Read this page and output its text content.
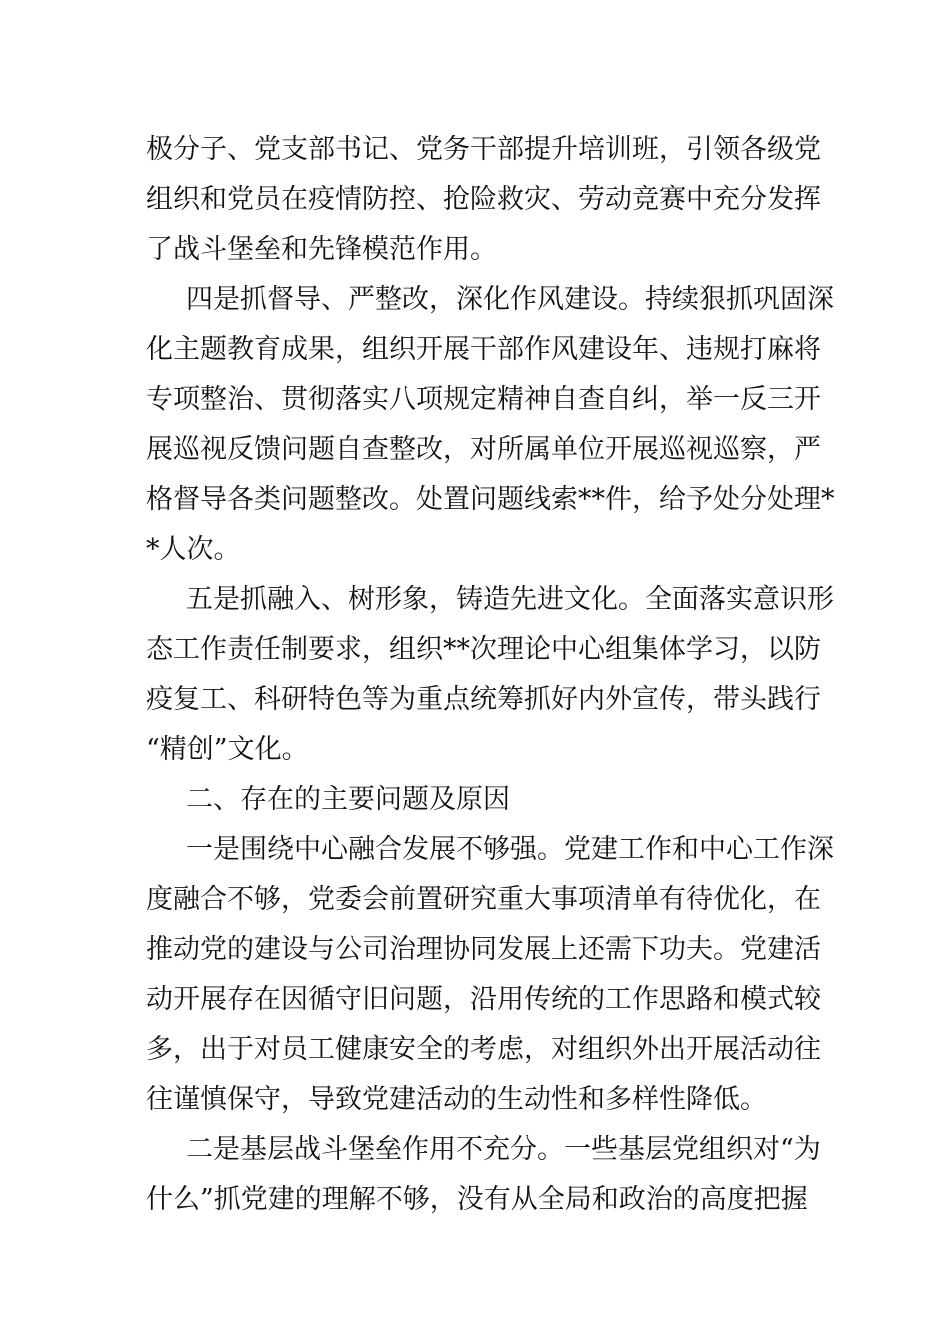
极分子、党支部书记、党务干部提升培训班，引领各级党
组织和党员在疫情防控、抢险救灾、劳动竞赛中充分发挥
了战斗堡垒和先锋模范作用。
四是抓督导、严整改，深化作风建设。持续狠抓巩固深
化主题教育成果，组织开展干部作风建设年、违规打麻将
专项整治、贯彻落实八项规定精神自查自纠，举一反三开
展巡视反馈问题自查整改，对所属单位开展巡视巡察，严
格督导各类问题整改。处置问题线索**件，给予处分处理*
*人次。
五是抓融入、树形象，铸造先进文化。全面落实意识形
态工作责任制要求，组织**次理论中心组集体学习，以防
疫复工、科研特色等为重点统筹抓好内外宣传，带头践行
“精创”文化。
二、存在的主要问题及原因
一是围绕中心融合发展不够强。党建工作和中心工作深
度融合不够，党委会前置研究重大事项清单有待优化，在
推动党的建设与公司治理协同发展上还需下功夫。党建活
动开展存在因循守旧问题，沿用传统的工作思路和模式较
多，出于对员工健康安全的考虑，对组织外出开展活动往
往谨慎保守，导致党建活动的生动性和多样性降低。
二是基层战斗堡垒作用不充分。一些基层党组织对“为
什么”抓党建的理解不够，没有从全局和政治的高度把握
